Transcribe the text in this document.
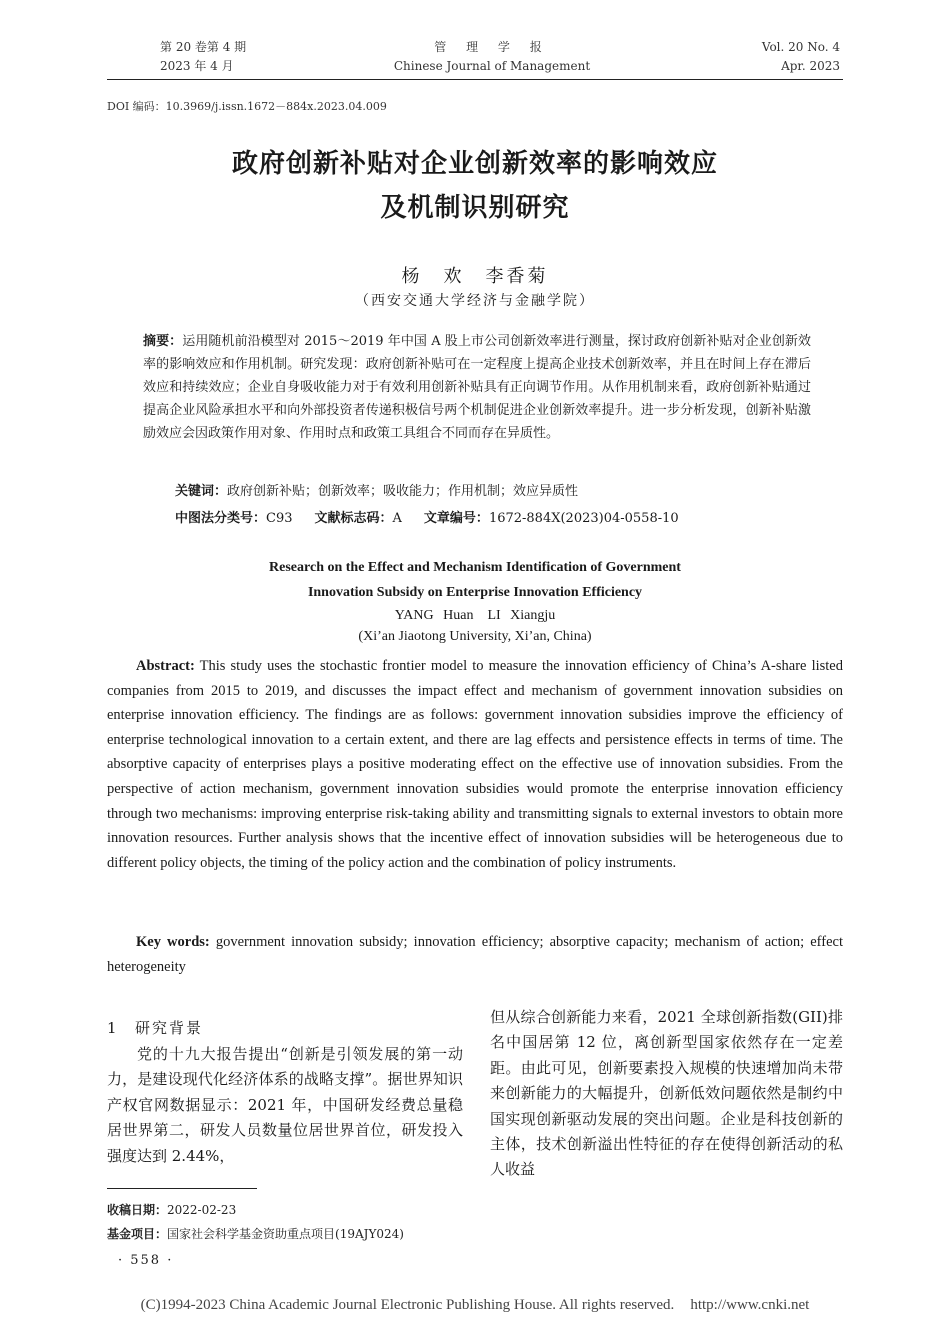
第 20 卷第 4 期
2023 年 4 月
管 理 学 报
Chinese Journal of Management
Vol. 20 No. 4
Apr. 2023
DOI 编码：10.3969/j.issn.1672－884x.2023.04.009
政府创新补贴对企业创新效率的影响效应
及机制识别研究
杨　欢　李香菊
（西安交通大学经济与金融学院）
摘要：运用随机前沿模型对 2015～2019 年中国 A 股上市公司创新效率进行测量，探讨政府创新补贴对企业创新效率的影响效应和作用机制。研究发现：政府创新补贴可在一定程度上提高企业技术创新效率，并且在时间上存在滞后效应和持续效应；企业自身吸收能力对于有效利用创新补贴具有正向调节作用。从作用机制来看，政府创新补贴通过提高企业风险承担水平和向外部投资者传递积极信号两个机制促进企业创新效率提升。进一步分析发现，创新补贴激励效应会因政策作用对象、作用时点和政策工具组合不同而存在异质性。
关键词：政府创新补贴；创新效率；吸收能力；作用机制；效应异质性
中图法分类号：C93 文献标志码：A 文章编号：1672-884X(2023)04-0558-10
Research on the Effect and Mechanism Identification of Government
Innovation Subsidy on Enterprise Innovation Efficiency
YANG Huan　LI Xiangju
(Xi’an Jiaotong University, Xi’an, China)
Abstract: This study uses the stochastic frontier model to measure the innovation efficiency of China’s A-share listed companies from 2015 to 2019, and discusses the impact effect and mechanism of government innovation subsidies on enterprise innovation efficiency. The findings are as follows: government innovation subsidies improve the efficiency of enterprise technological innovation to a certain extent, and there are lag effects and persistence effects in terms of time. The absorptive capacity of enterprises plays a positive moderating effect on the effective use of innovation subsidies. From the perspective of action mechanism, government innovation subsidies would promote the enterprise innovation efficiency through two mechanisms: improving enterprise risk-taking ability and transmitting signals to external investors to obtain more innovation resources. Further analysis shows that the incentive effect of innovation subsidies will be heterogeneous due to different policy objects, the timing of the policy action and the combination of policy instruments.
Key words: government innovation subsidy; innovation efficiency; absorptive capacity; mechanism of action; effect heterogeneity
1 研究背景

党的十九大报告提出“创新是引领发展的第一动力，是建设现代化经济体系的战略支撑”。据世界知识产权官网数据显示：2021 年，中国研发经费总量稳居世界第二，研发人员数量位居世界首位，研发投入强度达到 2.44%，

但从综合创新能力来看，2021 全球创新指数(GII)排名中国居第 12 位，离创新型国家依然存在一定差距。由此可见，创新要素投入规模的快速增加尚未带来创新能力的大幅提升，创新低效问题依然是制约中国实现创新驱动发展的突出问题。企业是科技创新的主体，技术创新溢出性特征的存在使得创新活动的私人收益

收稿日期：2022-02-23
基金项目：国家社会科学基金资助重点项目(19AJY024)
· 558 ·
(C)1994-2023 China Academic Journal Electronic Publishing House. All rights reserved. http://www.cnki.net
